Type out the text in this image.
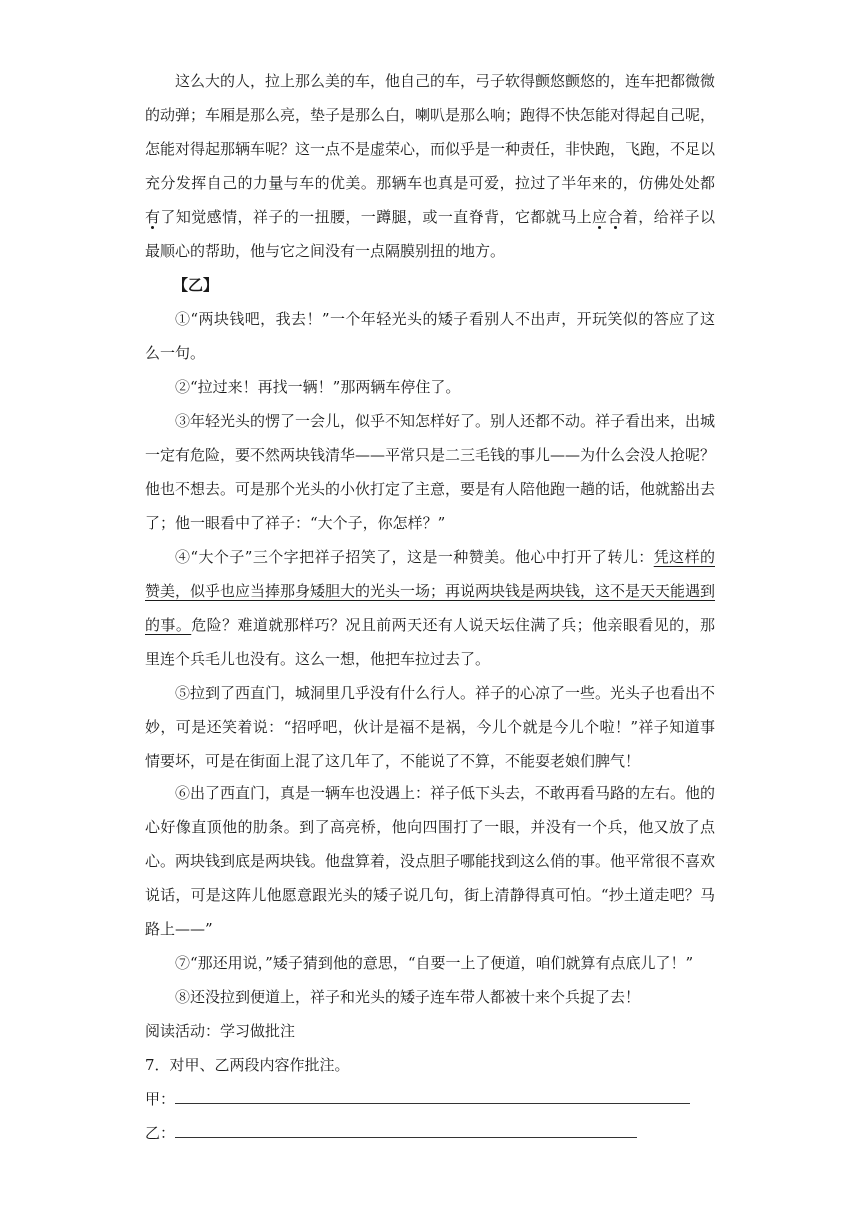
这么大的人，拉上那么美的车，他自己的车，弓子软得颤悠颤悠的，连车把都微微的动弹；车厢是那么亮，垫子是那么白，喇叭是那么响；跑得不快怎能对得起自己呢，怎能对得起那辆车呢？这一点不是虚荣心，而似乎是一种责任，非快跑，飞跑，不足以充分发挥自己的力量与车的优美。那辆车也真是可爱，拉过了半年来的，仿佛处处都有了知觉感情，祥子的一扭腰，一蹲腿，或一直脊背，它都就马上应合着，给祥子以最顺心的帮助，他与它之间没有一点隔膜别扭的地方。

【乙】

①“两块钱吧，我去！”一个年轻光头的矮子看别人不出声，开玩笑似的答应了这么一句。

②“拉过来！再找一辆！”那两辆车停住了。

③年轻光头的愣了一会儿，似乎不知怎样好了。别人还都不动。祥子看出来，出城一定有危险，要不然两块钱清华——平常只是二三毛钱的事儿——为什么会没人抢呢？他也不想去。可是那个光头的小伙打定了主意，要是有人陪他跑一趟的话，他就豁出去了；他一眼看中了祥子：“大个子，你怎样？”

④“大个子”三个字把祥子招笑了，这是一种赞美。他心中打开了转儿：凭这样的赞美，似乎也应当捧那身矮胆大的光头一场；再说两块钱是两块钱，这不是天天能遇到的事。危险？难道就那样巧？况且前两天还有人说天坛住满了兵；他亲眼看见的，那里连个兵毛儿也没有。这么一想，他把车拉过去了。

⑤拉到了西直门，城洞里几乎没有什么行人。祥子的心凉了一些。光头子也看出不妙，可是还笑着说：“招呼吧，伙计是福不是祸，今儿个就是今儿个啦！”祥子知道事情要坏，可是在街面上混了这几年了，不能说了不算，不能耍老娘们脾气！

⑥出了西直门，真是一辆车也没遇上：祥子低下头去，不敢再看马路的左右。他的心好像直顶他的肋条。到了高亮桥，他向四围打了一眼，并没有一个兵，他又放了点心。两块钱到底是两块钱。他盘算着，没点胆子哪能找到这么俏的事。他平常很不喜欢说话，可是这阵儿他愿意跟光头的矮子说几句，街上清静得真可怕。“抄土道走吧？马路上——”

⑦“那还用说，”矮子猜到他的意思，“自要一上了便道，咱们就算有点底儿了！”

⑧还没拉到便道上，祥子和光头的矮子连车带人都被十来个兵捉了去！

阅读活动：学习做批注
7．对甲、乙两段内容作批注。
甲：
乙：
